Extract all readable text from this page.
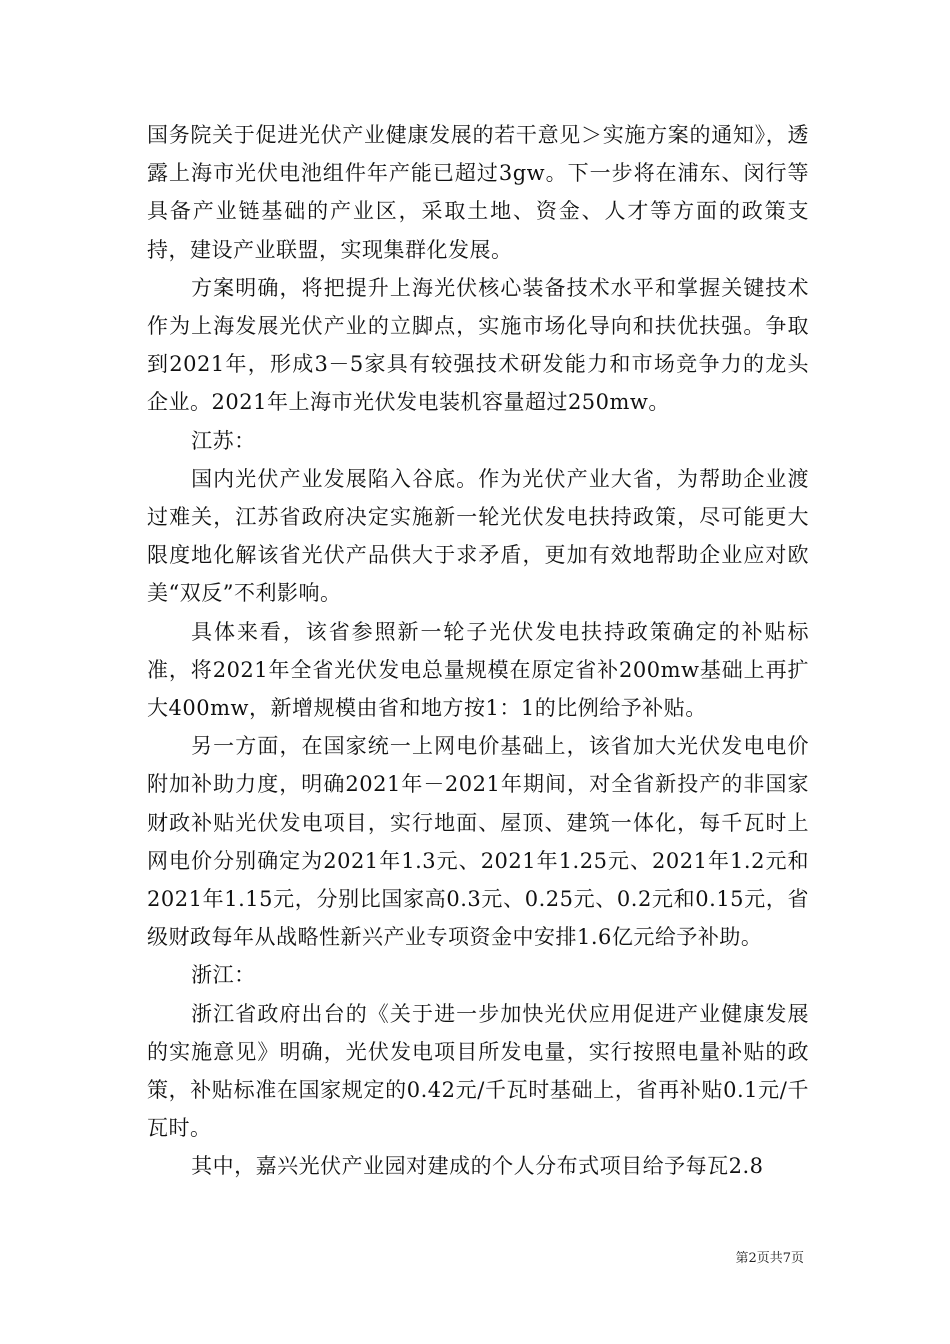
国务院关于促进光伏产业健康发展的若干意见＞实施方案的通知》，透露上海市光伏电池组件年产能已超过3gw。下一步将在浦东、闵行等具备产业链基础的产业区，采取土地、资金、人才等方面的政策支持，建设产业联盟，实现集群化发展。

方案明确，将把提升上海光伏核心装备技术水平和掌握关键技术作为上海发展光伏产业的立脚点，实施市场化导向和扶优扶强。争取到2021年，形成3－5家具有较强技术研发能力和市场竞争力的龙头企业。2021年上海市光伏发电装机容量超过250mw。

江苏：

国内光伏产业发展陷入谷底。作为光伏产业大省，为帮助企业渡过难关，江苏省政府决定实施新一轮光伏发电扶持政策，尽可能更大限度地化解该省光伏产品供大于求矛盾，更加有效地帮助企业应对欧美“双反”不利影响。

具体来看，该省参照新一轮子光伏发电扶持政策确定的补贴标准，将2021年全省光伏发电总量规模在原定省补200mw基础上再扩大400mw，新增规模由省和地方按1：1的比例给予补贴。

另一方面，在国家统一上网电价基础上，该省加大光伏发电电价附加补助力度，明确2021年－2021年期间，对全省新投产的非国家财政补贴光伏发电项目，实行地面、屋顶、建筑一体化，每千瓦时上网电价分别确定为2021年1.3元、2021年1.25元、2021年1.2元和2021年1.15元，分别比国家高0.3元、0.25元、0.2元和0.15元，省级财政每年从战略性新兴产业专项资金中安排1.6亿元给予补助。

浙江：

浙江省政府出台的《关于进一步加快光伏应用促进产业健康发展的实施意见》明确，光伏发电项目所发电量，实行按照电量补贴的政策，补贴标准在国家规定的0.42元/千瓦时基础上，省再补贴0.1元/千瓦时。

其中，嘉兴光伏产业园对建成的个人分布式项目给予每瓦2.8

第2页共7页
